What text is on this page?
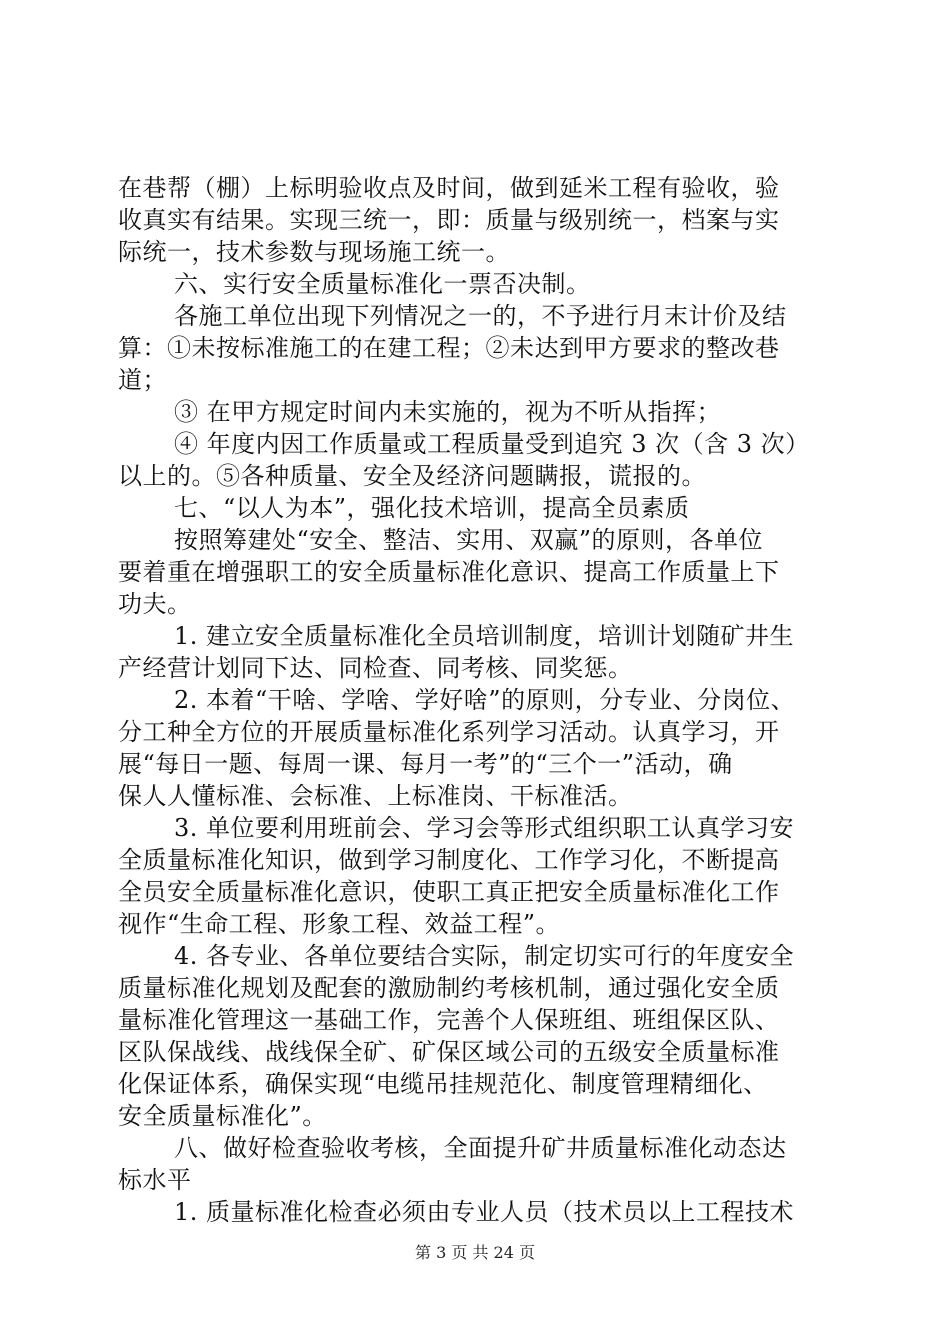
在巷帮（棚）上标明验收点及时间，做到延米工程有验收，验
收真实有结果。实现三统一，即：质量与级别统一，档案与实
际统一，技术参数与现场施工统一。
六、实行安全质量标准化一票否决制。
各施工单位出现下列情况之一的，不予进行月末计价及结
算：①未按标准施工的在建工程；②未达到甲方要求的整改巷
道；
③ 在甲方规定时间内未实施的，视为不听从指挥；
④ 年度内因工作质量或工程质量受到追究 3 次（含 3 次）
以上的。⑤各种质量、安全及经济问题瞒报，谎报的。
七、“以人为本”，强化技术培训，提高全员素质
按照筹建处“安全、整洁、实用、双赢”的原则，各单位
要着重在增强职工的安全质量标准化意识、提高工作质量上下
功夫。
1. 建立安全质量标准化全员培训制度，培训计划随矿井生
产经营计划同下达、同检查、同考核、同奖惩。
2. 本着“干啥、学啥、学好啥”的原则，分专业、分岗位、
分工种全方位的开展质量标准化系列学习活动。认真学习，开
展“每日一题、每周一课、每月一考”的“三个一”活动，确
保人人懂标准、会标准、上标准岗、干标准活。
3. 单位要利用班前会、学习会等形式组织职工认真学习安
全质量标准化知识，做到学习制度化、工作学习化，不断提高
全员安全质量标准化意识，使职工真正把安全质量标准化工作
视作“生命工程、形象工程、效益工程”。
4. 各专业、各单位要结合实际，制定切实可行的年度安全
质量标准化规划及配套的激励制约考核机制，通过强化安全质
量标准化管理这一基础工作，完善个人保班组、班组保区队、
区队保战线、战线保全矿、矿保区域公司的五级安全质量标准
化保证体系，确保实现“电缆吊挂规范化、制度管理精细化、
安全质量标准化”。
八、做好检查验收考核，全面提升矿井质量标准化动态达
标水平
1. 质量标准化检查必须由专业人员（技术员以上工程技术
第 3 页 共 24 页
